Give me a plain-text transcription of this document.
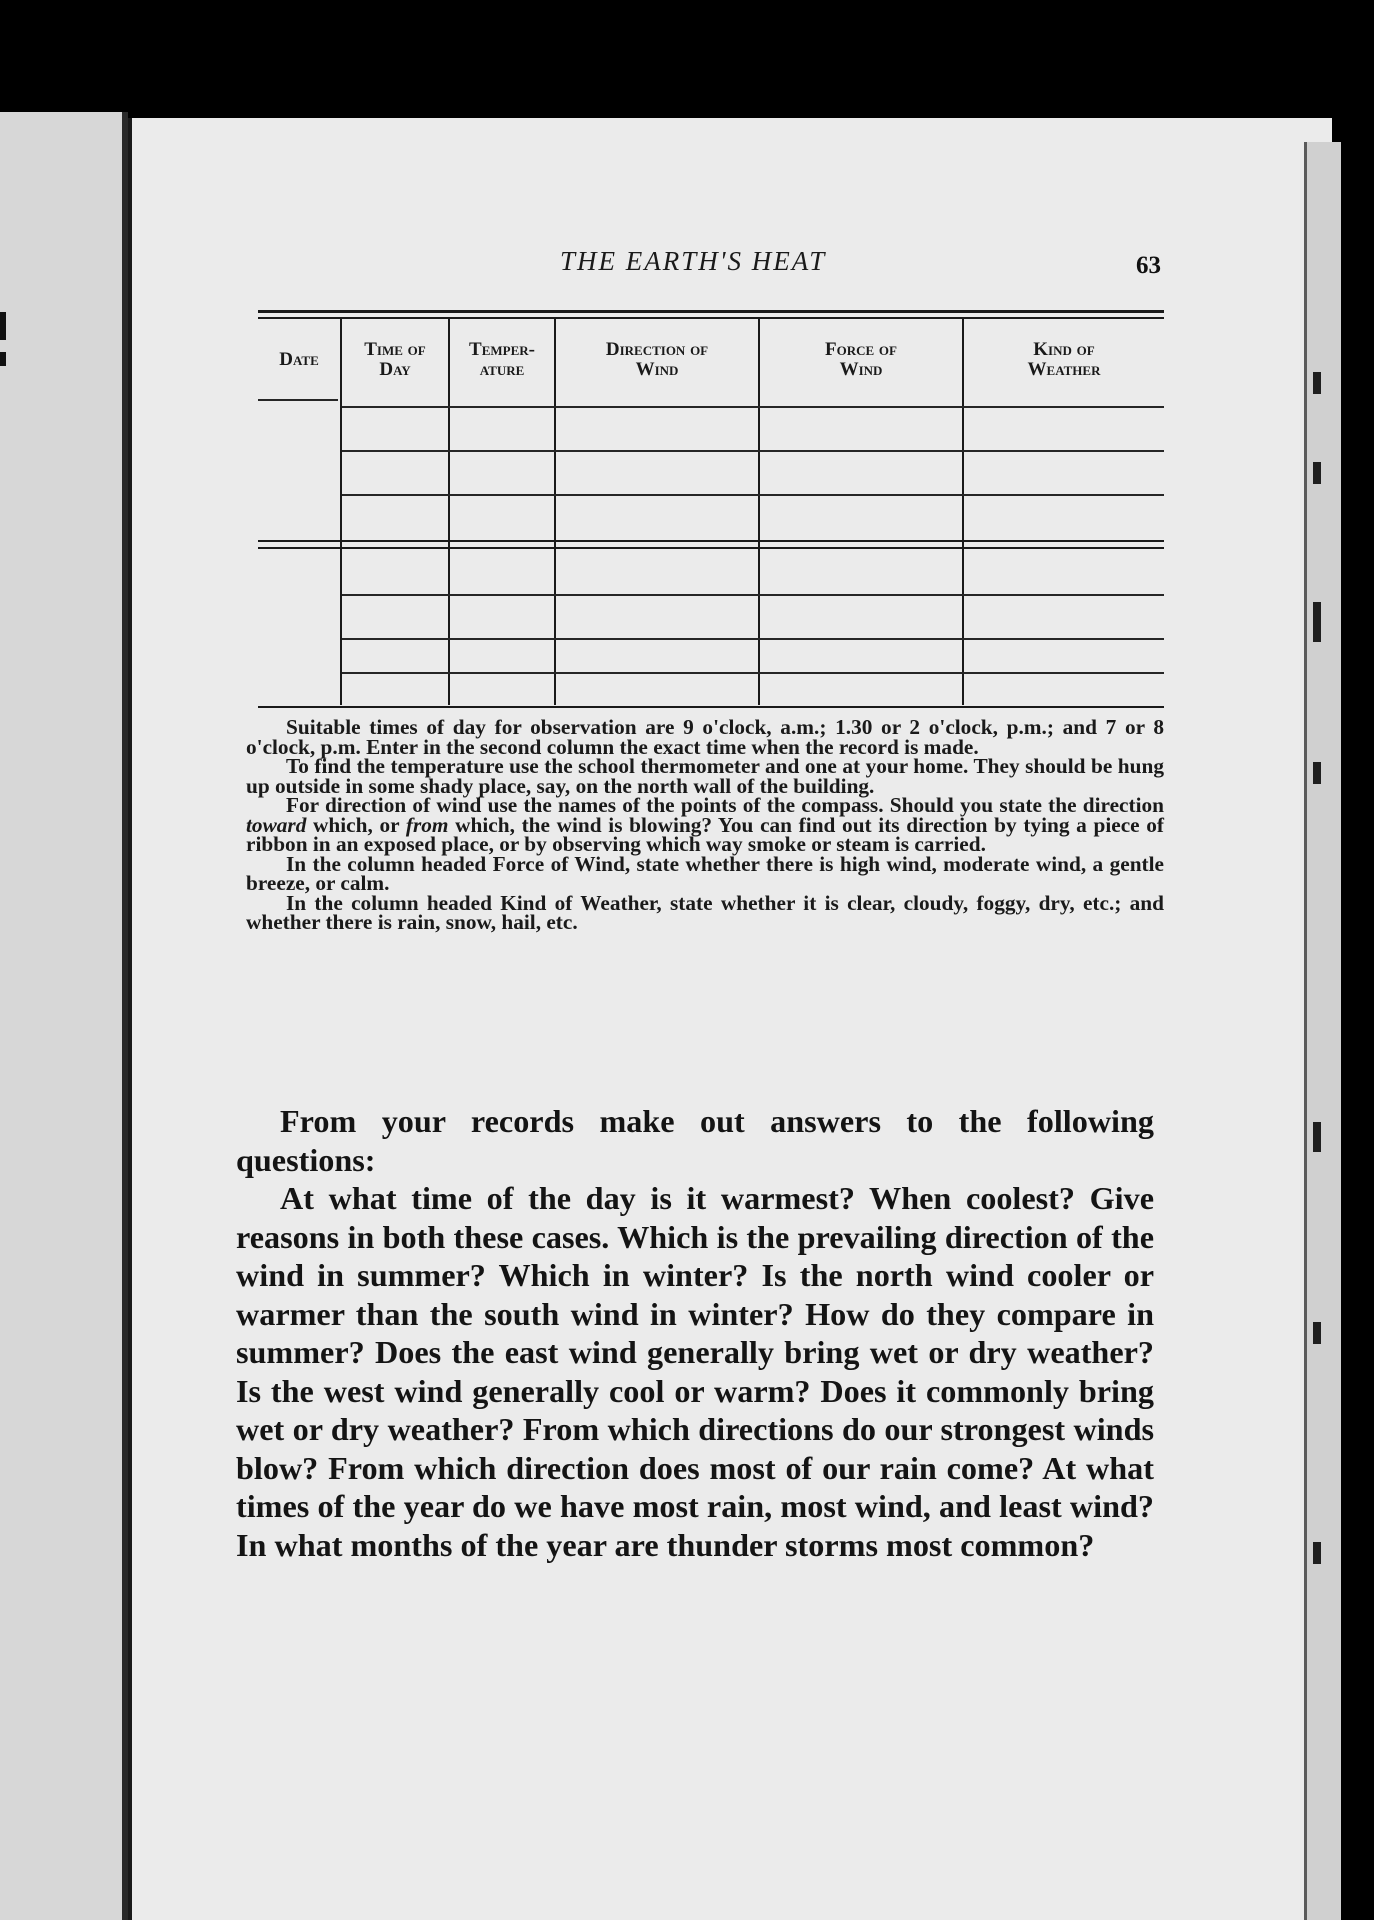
THE EARTH'S HEAT	63
Date	Time of
Day
Temper-
ature
Direction of
Wind
Force of
Wind
Kind of
Weather

Suitable times of day for observation are 9 o'clock, a.m.; 1.30 or 2 o'clock, p.m.; and 7 or 8 o'clock, p.m. Enter in the second column the exact time when the record is made.

To find the temperature use the school thermometer and one at your home. They should be hung up outside in some shady place, say, on the north wall of the building.

For direction of wind use the names of the points of the compass. Should you state the direction toward which, or from which, the wind is blowing? You can find out its direction by tying a piece of ribbon in an exposed place, or by observing which way smoke or steam is carried.

In the column headed Force of Wind, state whether there is high wind, moderate wind, a gentle breeze, or calm.

In the column headed Kind of Weather, state whether it is clear, cloudy, foggy, dry, etc.; and whether there is rain, snow, hail, etc.

From your records make out answers to the following questions:

At what time of the day is it warmest? When coolest? Give reasons in both these cases. Which is the prevailing direction of the wind in summer? Which in winter? Is the north wind cooler or warmer than the south wind in winter? How do they compare in summer? Does the east wind generally bring wet or dry weather? Is the west wind generally cool or warm? Does it commonly bring wet or dry weather? From which directions do our strongest winds blow? From which direction does most of our rain come? At what times of the year do we have most rain, most wind, and least wind? In what months of the year are thunder storms most common?
